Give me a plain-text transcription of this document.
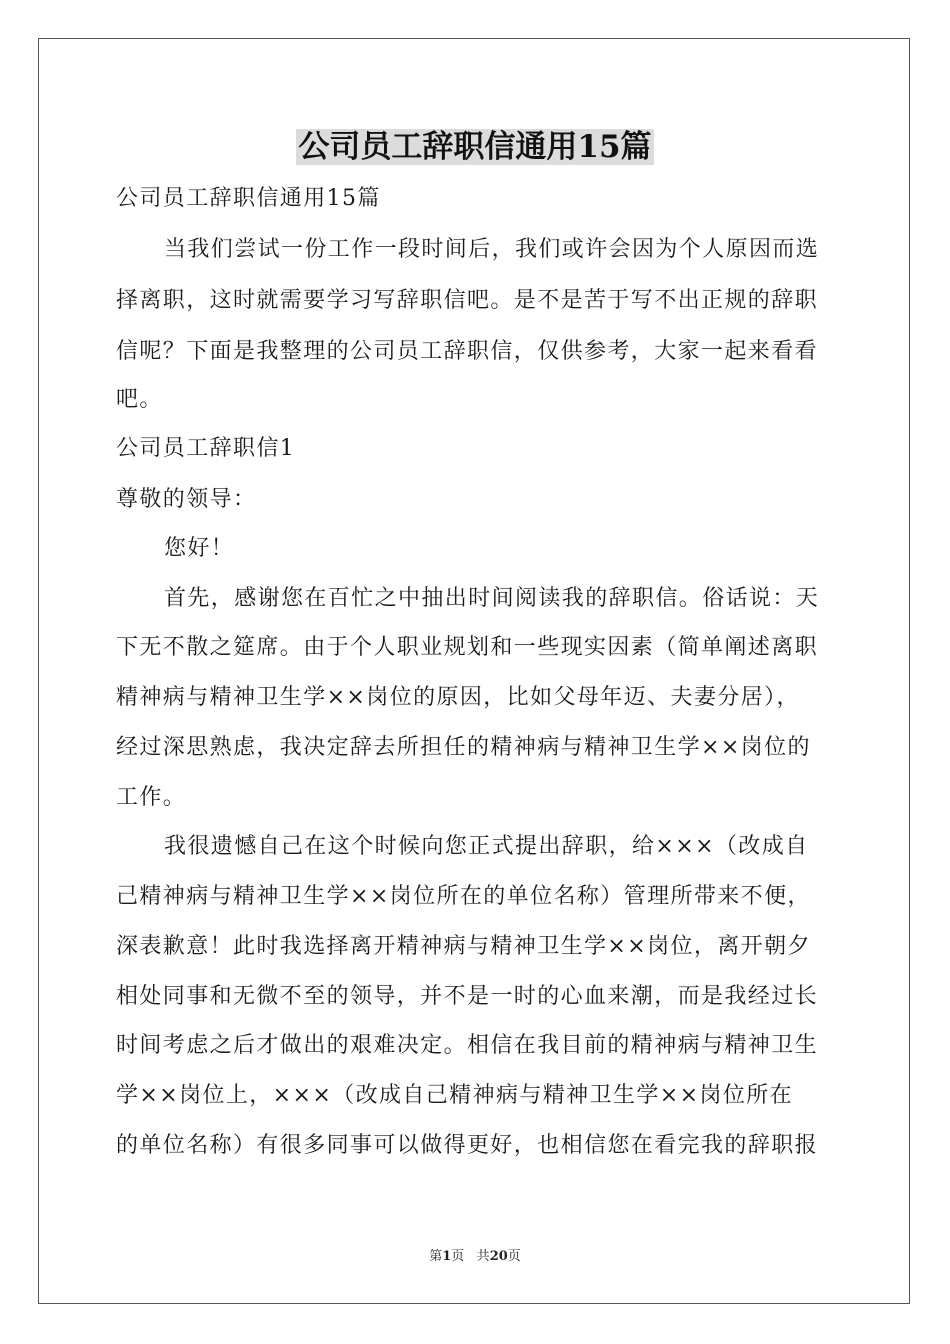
公司员工辞职信通用15篇
公司员工辞职信通用15篇
当我们尝试一份工作一段时间后，我们或许会因为个人原因而选
择离职，这时就需要学习写辞职信吧。是不是苦于写不出正规的辞职
信呢？下面是我整理的公司员工辞职信，仅供参考，大家一起来看看
吧。
公司员工辞职信1
尊敬的领导：
您好！
首先，感谢您在百忙之中抽出时间阅读我的辞职信。俗话说：天
下无不散之筵席。由于个人职业规划和一些现实因素（简单阐述离职
精神病与精神卫生学××岗位的原因，比如父母年迈、夫妻分居），
经过深思熟虑，我决定辞去所担任的精神病与精神卫生学××岗位的
工作。
我很遗憾自己在这个时候向您正式提出辞职，给×××（改成自
己精神病与精神卫生学××岗位所在的单位名称）管理所带来不便，
深表歉意！此时我选择离开精神病与精神卫生学××岗位，离开朝夕
相处同事和无微不至的领导，并不是一时的心血来潮，而是我经过长
时间考虑之后才做出的艰难决定。相信在我目前的精神病与精神卫生
学××岗位上，×××（改成自己精神病与精神卫生学××岗位所在
的单位名称）有很多同事可以做得更好，也相信您在看完我的辞职报
第1页 共20页
